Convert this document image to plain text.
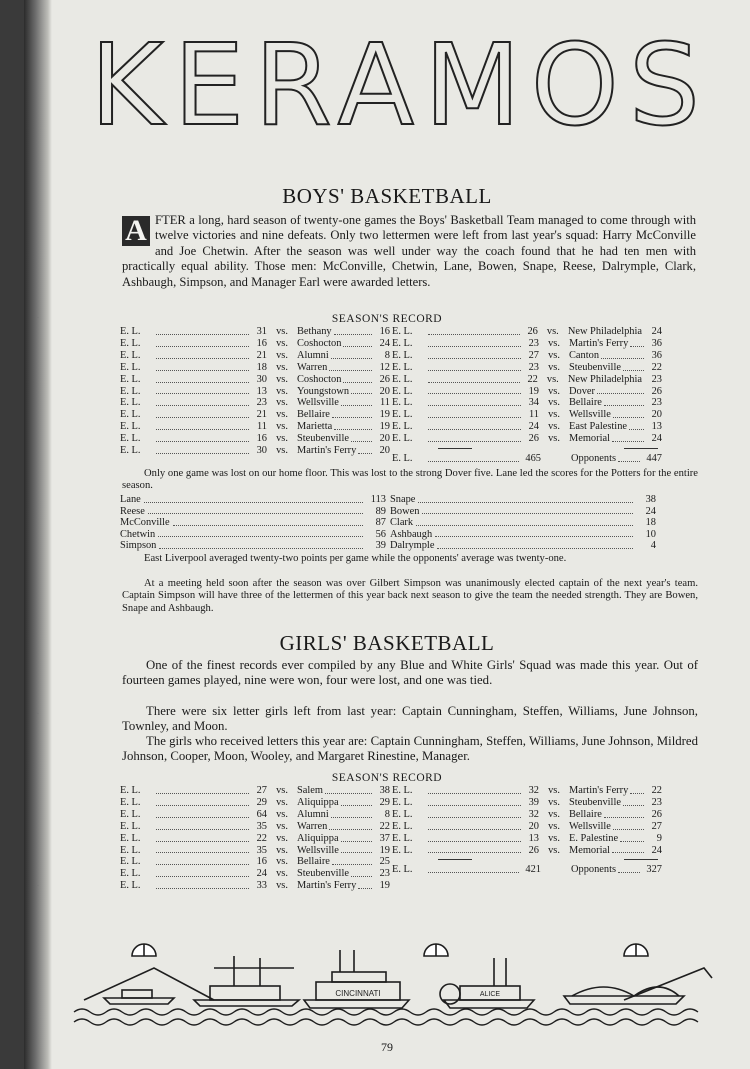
·
·
·
KERAMOS
BOYS' BASKETBALL

A FTER a long, hard season of twenty-one games the Boys' Basketball Team managed to come through with twelve victories and nine defeats. Only two lettermen were left from last year's squad: Harry McConville and Joe Chetwin. After the season was well under way the coach found that he had ten men with practically equal ability. Those men: McConville, Chetwin, Lane, Bowen, Snape, Reese, Dalrymple, Clark, Ashbaugh, Simpson, and Manager Earl were awarded letters.

SEASON'S RECORD
E. L.	31 vs. Bethany	16
E. L.	16 vs. Coshocton	24
E. L.	21 vs. Alumni	8
E. L.	18 vs. Warren	12
E. L.	30 vs. Coshocton	26
E. L.	13 vs. Youngstown	20
E. L.	23 vs. Wellsville	11
E. L.	21 vs. Bellaire	19
E. L.	11 vs. Marietta	19
E. L.	16 vs. Steubenville	20
E. L.	30 vs. Martin's Ferry	20
E. L.	26 vs. New Philadelphia 24
E. L.	23 vs. Martin's Ferry	36
E. L.	27 vs. Canton	36
E. L.	23 vs. Steubenville	22
E. L.	22 vs. New Philadelphia 23
E. L.	19 vs. Dover	26
E. L.	34 vs. Bellaire	23
E. L.	11 vs. Wellsville	20
E. L.	24 vs. East Palestine	13
E. L.	26 vs. Memorial	24
E. L.	465	Opponents	447

Only one game was lost on our home floor. This was lost to the strong Dover five. Lane led the scores for the Potters for the entire season.

Lane	113
Reese	89
McConville	87
Chetwin	56
Simpson	39
Snape	38
Bowen	24
Clark	18
Ashbaugh	10
Dalrymple	4

East Liverpool averaged twenty-two points per game while the opponents' average was twenty-one.

At a meeting held soon after the season was over Gilbert Simpson was unanimously elected captain of the next year's team. Captain Simpson will have three of the lettermen of this year back next season to give the team the needed strength. They are Bowen, Snape and Ashbaugh.

GIRLS' BASKETBALL

One of the finest records ever compiled by any Blue and White Girls' Squad was made this year. Out of fourteen games played, nine were won, four were lost, and one was tied.

There were six letter girls left from last year: Captain Cunningham, Steffen, Williams, June Johnson, Townley, and Moon.

The girls who received letters this year are: Captain Cunningham, Steffen, Williams, June Johnson, Mildred Johnson, Cooper, Moon, Wooley, and Margaret Rinestine, Manager.

SEASON'S RECORD
E. L.	27 vs. Salem	38
E. L.	29 vs. Aliquippa	29
E. L.	64 vs. Alumni	8
E. L.	35 vs. Warren	22
E. L.	22 vs. Aliquippa	37
E. L.	35 vs. Wellsville	19
E. L.	16 vs. Bellaire	25
E. L.	24 vs. Steubenville	23
E. L.	33 vs. Martin's Ferry	19
E. L.	32 vs. Martin's Ferry	22
E. L.	39 vs. Steubenville	23
E. L.	32 vs. Bellaire	26
E. L.	20 vs. Wellsville	27
E. L.	13 vs. E. Palestine	9
E. L.	26 vs. Memorial	24
E. L.	421	Opponents	327
CINCINNATI	ALICE
79
